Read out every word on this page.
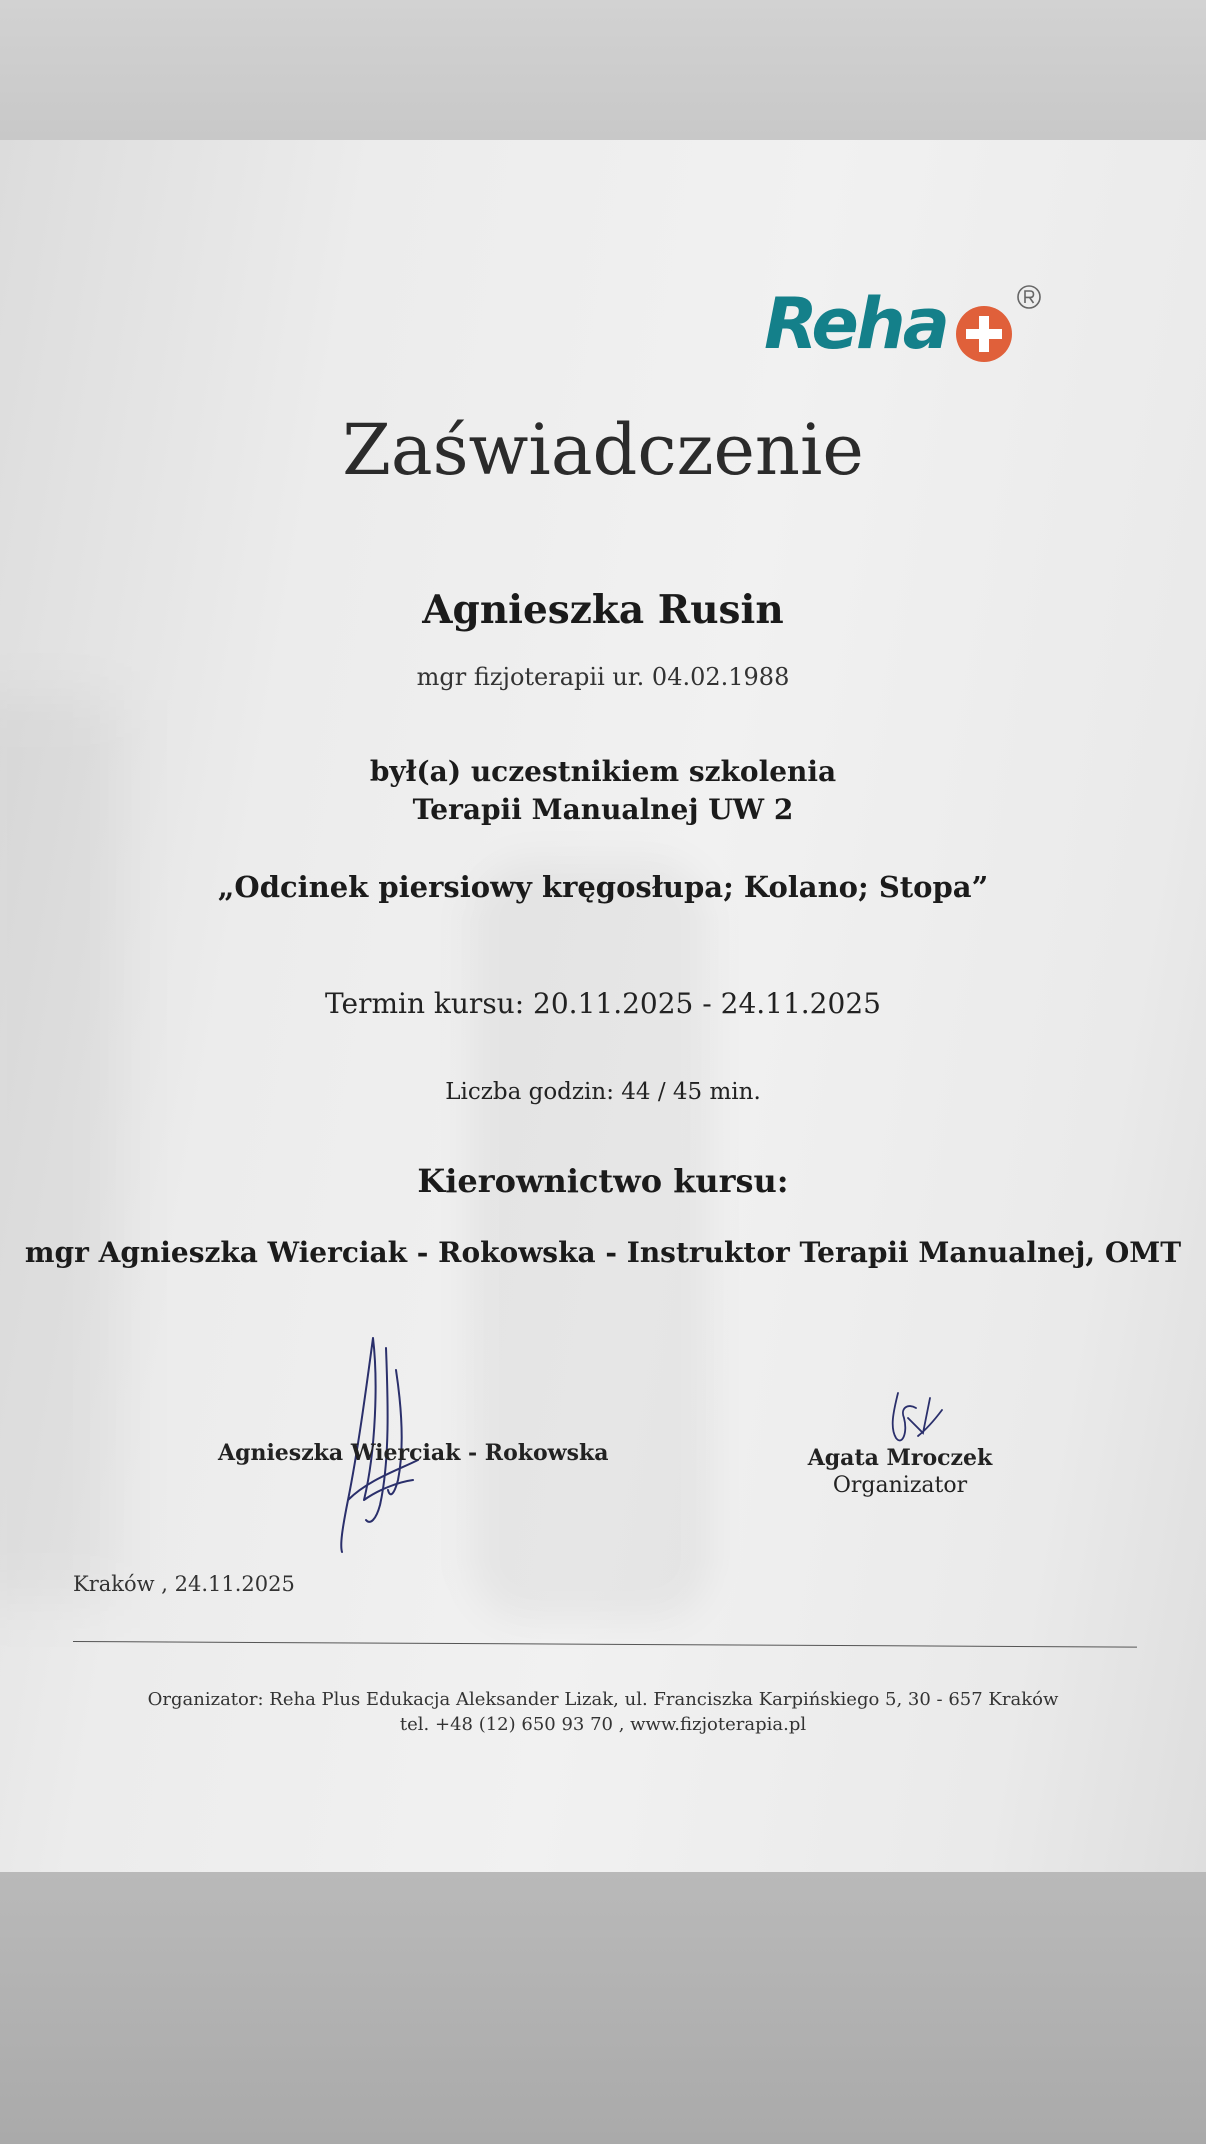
Reha
Zaświadczenie
Agnieszka Rusin
mgr fizjoterapii ur. 04.02.1988
był(a) uczestnikiem szkolenia
Terapii Manualnej UW 2
„Odcinek piersiowy kręgosłupa; Kolano; Stopa”
Termin kursu: 20.11.2025 - 24.11.2025
Liczba godzin: 44 / 45 min.
Kierownictwo kursu:
mgr Agnieszka Wierciak - Rokowska - Instruktor Terapii Manualnej, OMT
Agnieszka Wierciak - Rokowska	Agata Mroczek
Organizator
Kraków , 24.11.2025
Organizator: Reha Plus Edukacja Aleksander Lizak, ul. Franciszka Karpińskiego 5, 30 - 657 Kraków
tel. +48 (12) 650 93 70 , www.fizjoterapia.pl
